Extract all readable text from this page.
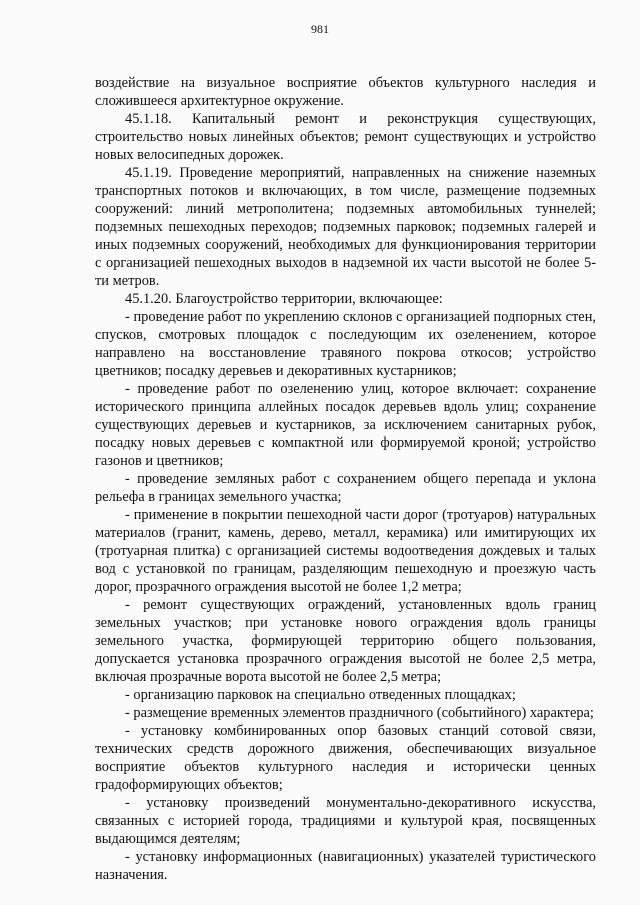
981

воздействие на визуальное восприятие объектов культурного наследия и сложившееся архитектурное окружение.

45.1.18. Капитальный ремонт и реконструкция существующих, строительство новых линейных объектов; ремонт существующих и устройство новых велосипедных дорожек.

45.1.19. Проведение мероприятий, направленных на снижение наземных транспортных потоков и включающих, в том числе, размещение подземных сооружений: линий метрополитена; подземных автомобильных туннелей; подземных пешеходных переходов; подземных парковок; подземных галерей и иных подземных сооружений, необходимых для функционирования территории с организацией пешеходных выходов в надземной их части высотой не более 5-ти метров.

45.1.20. Благоустройство территории, включающее:

- проведение работ по укреплению склонов с организацией подпорных стен, спусков, смотровых площадок с последующим их озеленением, которое направлено на восстановление травяного покрова откосов; устройство цветников; посадку деревьев и декоративных кустарников;

- проведение работ по озеленению улиц, которое включает: сохранение исторического принципа аллейных посадок деревьев вдоль улиц; сохранение существующих деревьев и кустарников, за исключением санитарных рубок, посадку новых деревьев с компактной или формируемой кроной; устройство газонов и цветников;

- проведение земляных работ с сохранением общего перепада и уклона рельефа в границах земельного участка;

- применение в покрытии пешеходной части дорог (тротуаров) натуральных материалов (гранит, камень, дерево, металл, керамика) или имитирующих их (тротуарная плитка) с организацией системы водоотведения дождевых и талых вод с установкой по границам, разделяющим пешеходную и проезжую часть дорог, прозрачного ограждения высотой не более 1,2 метра;

- ремонт существующих ограждений, установленных вдоль границ земельных участков; при установке нового ограждения вдоль границы земельного участка, формирующей территорию общего пользования, допускается установка прозрачного ограждения высотой не более 2,5 метра, включая прозрачные ворота высотой не более 2,5 метра;

- организацию парковок на специально отведенных площадках;

- размещение временных элементов праздничного (событийного) характера;

- установку комбинированных опор базовых станций сотовой связи, технических средств дорожного движения, обеспечивающих визуальное восприятие объектов культурного наследия и исторически ценных градоформирующих объектов;

- установку произведений монументально-декоративного искусства, связанных с историей города, традициями и культурой края, посвященных выдающимся деятелям;

- установку информационных (навигационных) указателей туристического назначения.
